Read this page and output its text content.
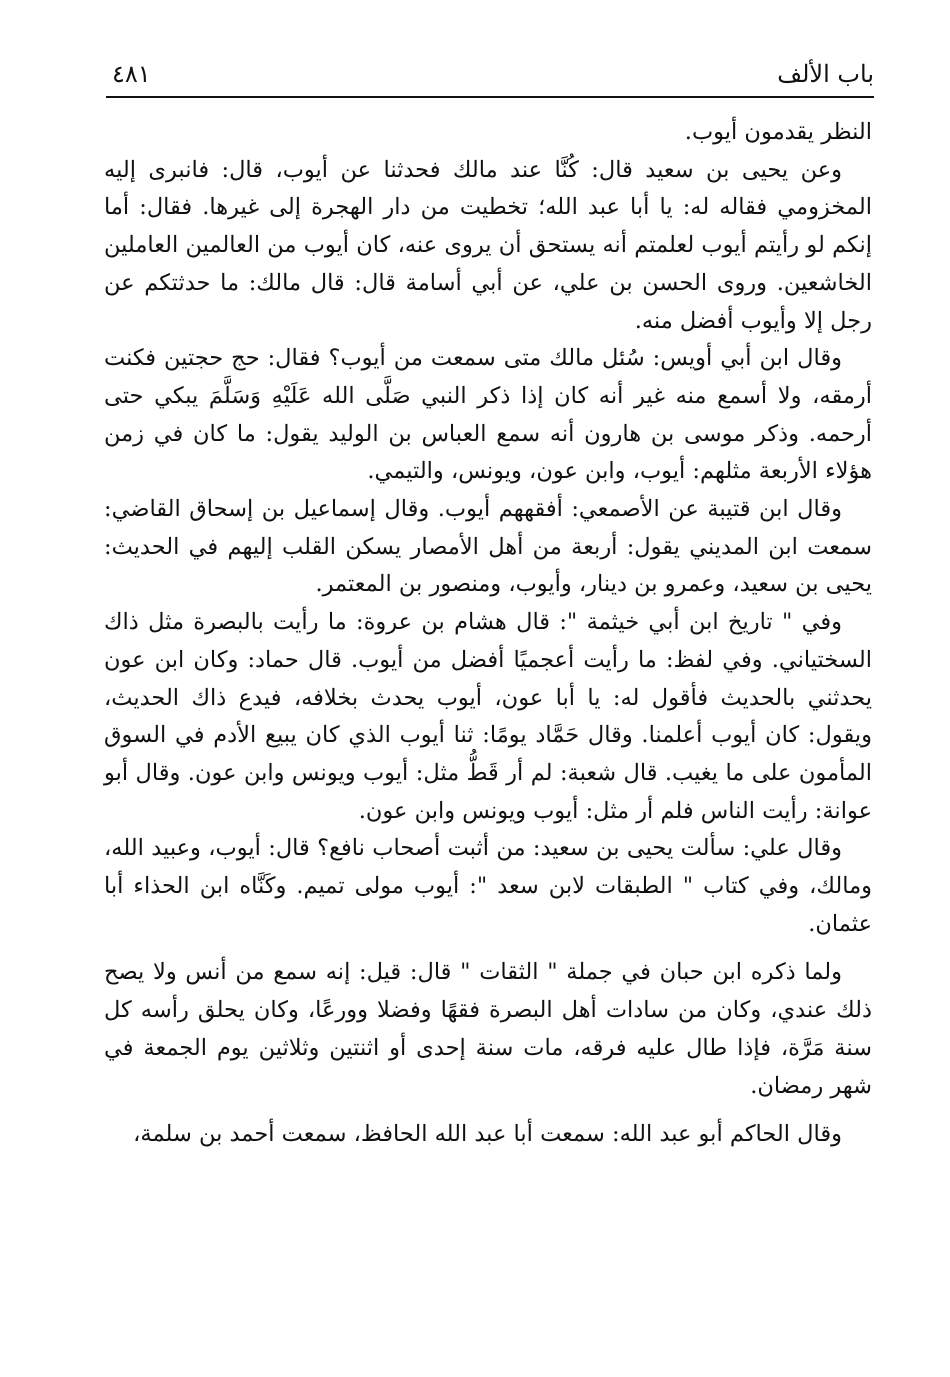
باب الألف
٤٨١

النظر يقدمون أيوب.

وعن يحيى بن سعيد قال: كُنَّا عند مالك فحدثنا عن أيوب، قال: فانبرى إليه المخزومي فقاله له: يا أبا عبد الله؛ تخطيت من دار الهجرة إلى غيرها. فقال: أما إنكم لو رأيتم أيوب لعلمتم أنه يستحق أن يروى عنه، كان أيوب من العالمين العاملين الخاشعين. وروى الحسن بن علي، عن أبي أسامة قال: قال مالك: ما حدثتكم عن رجل إلا وأيوب أفضل منه.

وقال ابن أبي أويس: سُئل مالك متى سمعت من أيوب؟ فقال: حج حجتين فكنت أرمقه، ولا أسمع منه غير أنه كان إذا ذكر النبي صَلَّى الله عَلَيْهِ وَسَلَّمَ يبكي حتى أرحمه. وذكر موسى بن هارون أنه سمع العباس بن الوليد يقول: ما كان في زمن هؤلاء الأربعة مثلهم: أيوب، وابن عون، ويونس، والتيمي.

وقال ابن قتيبة عن الأصمعي: أفقههم أيوب. وقال إسماعيل بن إسحاق القاضي: سمعت ابن المديني يقول: أربعة من أهل الأمصار يسكن القلب إليهم في الحديث: يحيى بن سعيد، وعمرو بن دينار، وأيوب، ومنصور بن المعتمر.

وفي " تاريخ ابن أبي خيثمة ": قال هشام بن عروة: ما رأيت بالبصرة مثل ذاك السختياني. وفي لفظ: ما رأيت أعجميًا أفضل من أيوب. قال حماد: وكان ابن عون يحدثني بالحديث فأقول له: يا أبا عون، أيوب يحدث بخلافه، فيدع ذاك الحديث، ويقول: كان أيوب أعلمنا. وقال حَمَّاد يومًا: ثنا أيوب الذي كان يبيع الأدم في السوق المأمون على ما يغيب. قال شعبة: لم أر قَطُّ مثل: أيوب ويونس وابن عون. وقال أبو عوانة: رأيت الناس فلم أر مثل: أيوب ويونس وابن عون.

وقال علي: سألت يحيى بن سعيد: من أثبت أصحاب نافع؟ قال: أيوب، وعبيد الله، ومالك، وفي كتاب " الطبقات لابن سعد ": أيوب مولى تميم. وكَنَّاه ابن الحذاء أبا عثمان.

ولما ذكره ابن حبان في جملة " الثقات " قال: قيل: إنه سمع من أنس ولا يصح ذلك عندي، وكان من سادات أهل البصرة فقهًا وفضلا وورعًا، وكان يحلق رأسه كل سنة مَرَّة، فإذا طال عليه فرقه، مات سنة إحدى أو اثنتين وثلاثين يوم الجمعة في شهر رمضان.

وقال الحاكم أبو عبد الله: سمعت أبا عبد الله الحافظ، سمعت أحمد بن سلمة،
